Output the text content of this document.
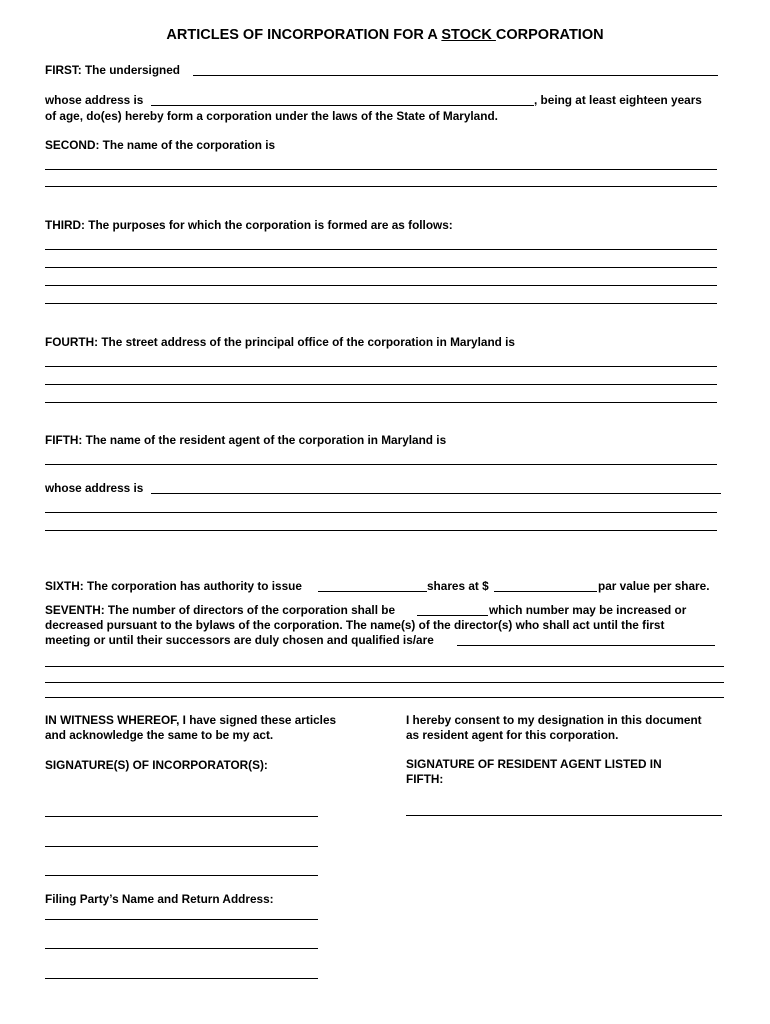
ARTICLES OF INCORPORATION FOR A STOCK CORPORATION
FIRST: The undersigned
whose address is	, being at least eighteen years
of age, do(es) hereby form a corporation under the laws of the State of Maryland.
SECOND: The name of the corporation is
THIRD: The purposes for which the corporation is formed are as follows:
FOURTH: The street address of the principal office of the corporation in Maryland is
FIFTH: The name of the resident agent of the corporation in Maryland is
whose address is
SIXTH: The corporation has authority to issue	shares at $	par value per share.
SEVENTH: The number of directors of the corporation shall be	which number may be increased or
decreased pursuant to the bylaws of the corporation. The name(s) of the director(s) who shall act until the first
meeting or until their successors are duly chosen and qualified is/are
IN WITNESS WHEREOF, I have signed these articles
and acknowledge the same to be my act.
SIGNATURE(S) OF INCORPORATOR(S):
I hereby consent to my designation in this document
as resident agent for this corporation.
SIGNATURE OF RESIDENT AGENT LISTED IN
FIFTH:
Filing Party’s Name and Return Address:
